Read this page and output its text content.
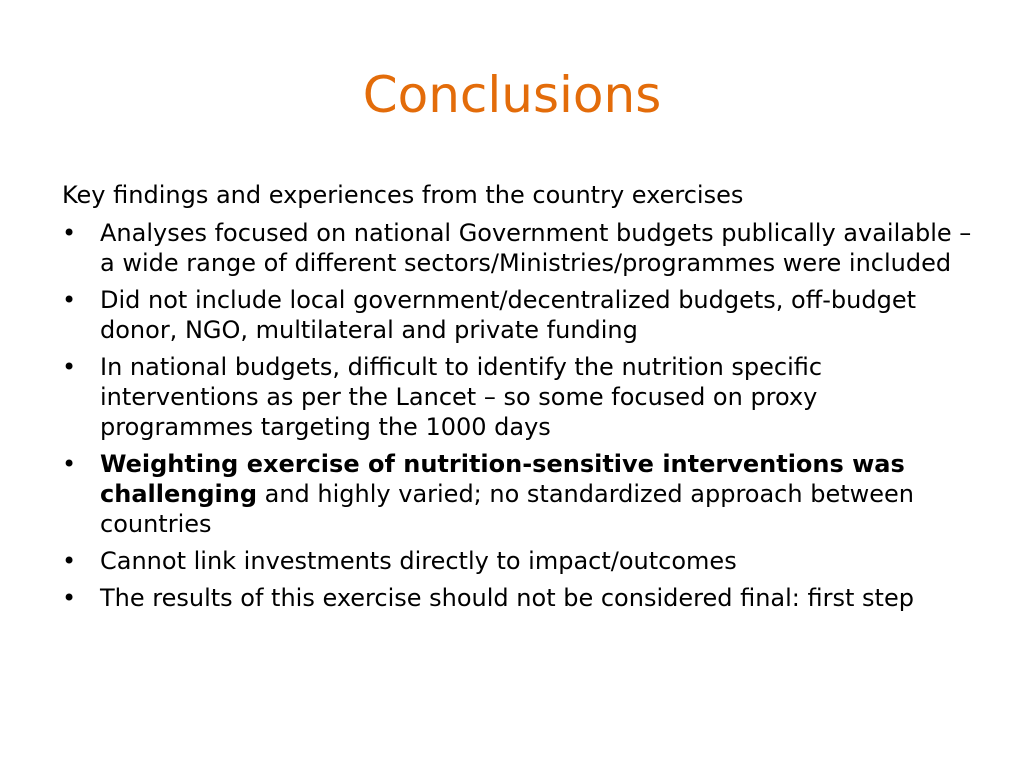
Conclusions
Key findings and experiences from the country exercises
• Analyses focused on national Government budgets publically available – a wide range of different sectors/Ministries/programmes were included
• Did not include local government/decentralized budgets, off-budget donor, NGO, multilateral and private funding
• In national budgets, difficult to identify the nutrition specific interventions as per the Lancet – so some focused on proxy programmes targeting the 1000 days
• Weighting exercise of nutrition-sensitive interventions was challenging and highly varied; no standardized approach between countries
• Cannot link investments directly to impact/outcomes
• The results of this exercise should not be considered final: first step
